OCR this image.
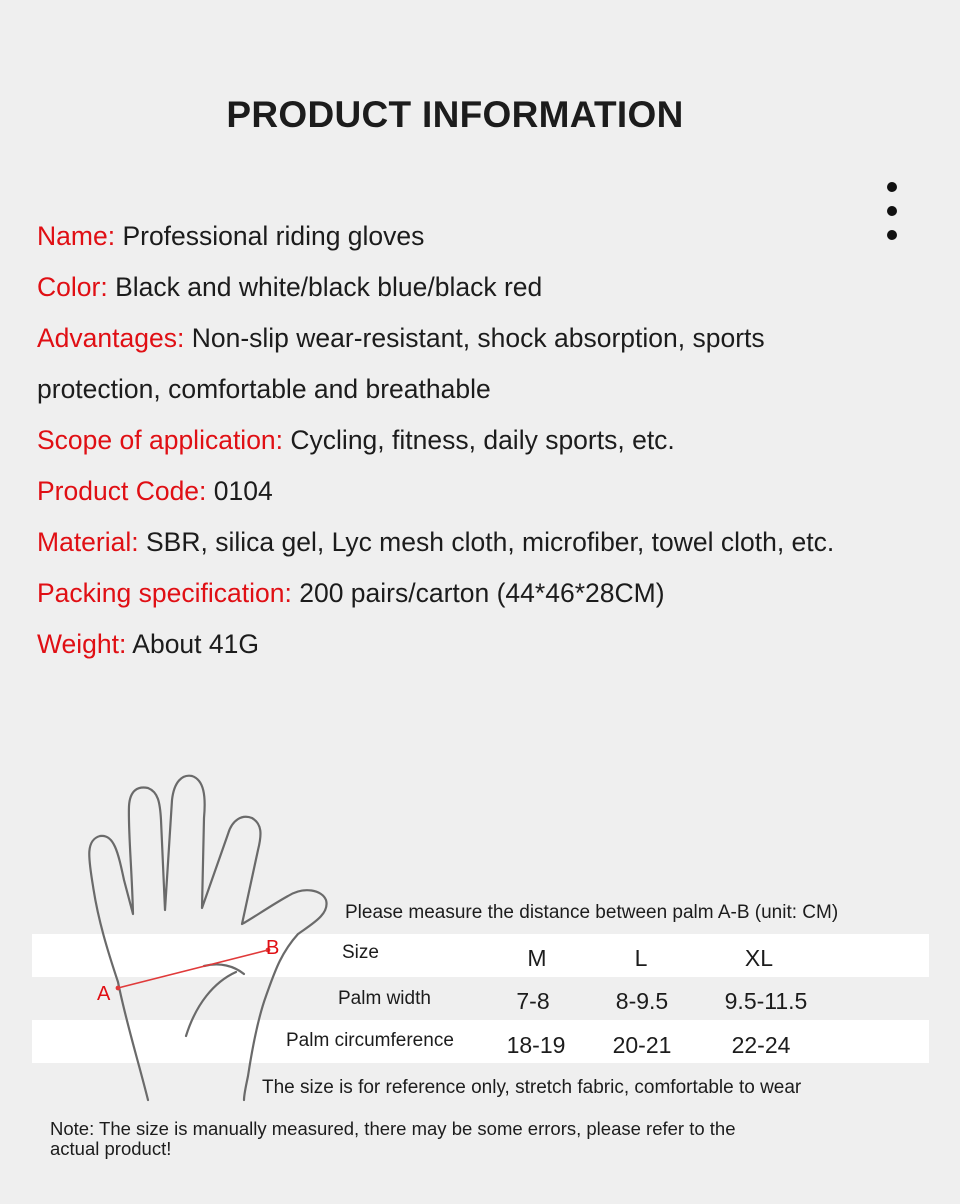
PRODUCT INFORMATION
Name: Professional riding gloves
Color: Black and white/black blue/black red
Advantages: Non-slip wear-resistant, shock absorption, sports protection, comfortable and breathable
Scope of application: Cycling, fitness, daily sports, etc.
Product Code: 0104
Material: SBR, silica gel, Lyc mesh cloth, microfiber, towel cloth, etc.
Packing specification: 200 pairs/carton (44*46*28CM)
Weight: About 41G
A
B
Please measure the distance between palm A-B (unit: CM)
Size	M	L	XL
Palm width	7-8	8-9.5	9.5-11.5
Palm circumference	18-19	20-21	22-24
The size is for reference only, stretch fabric, comfortable to wear
Note: The size is manually measured, there may be some errors, please refer to the
actual product!
